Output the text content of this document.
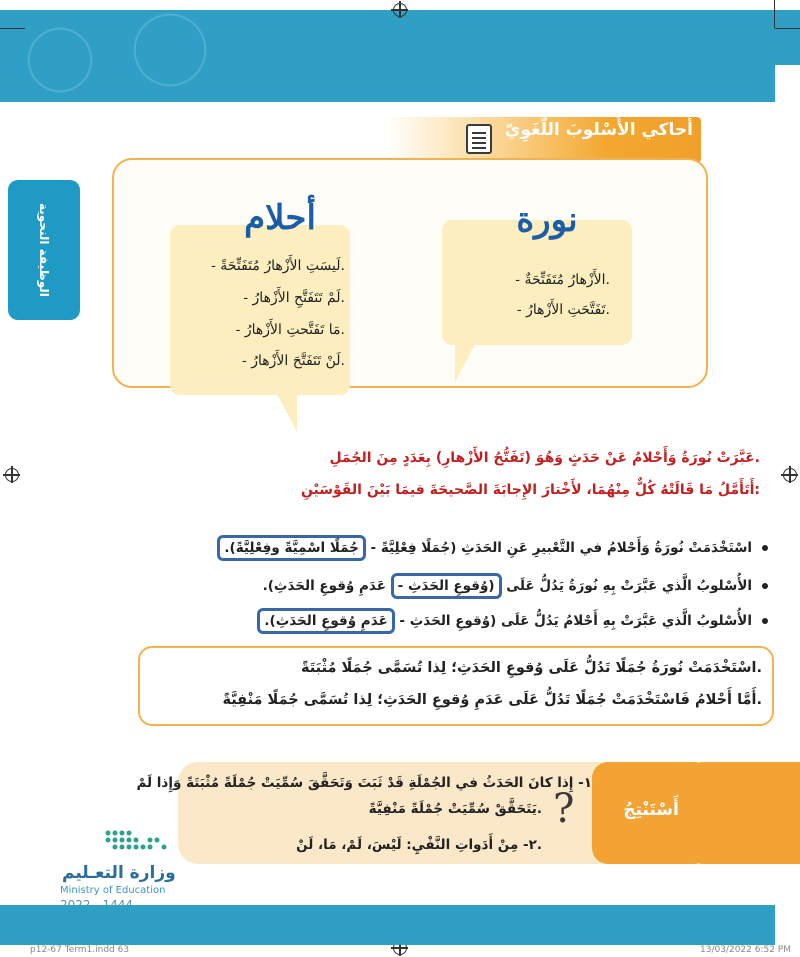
أُحاكي الأُسْلوبَ اللُّغَوِيّ
الوظيفة النحوية	أحلام
- لَيسَتِ الأَزْهارُ مُتَفَتِّحَةً.
- لَمْ تَتَفَتَّحِ الأَزْهارُ.
- مَا تَفَتَّحتِ الأَزْهارُ.
- لَنْ تَتَفَتَّحَ الأَزْهارُ.
نورة
- الأَزْهارُ مُتَفَتِّحَةٌ.
- تَفَتَّحَتِ الأَزْهارُ.
عَبَّرَتْ نُورَةُ وَأَحْلامُ عَنْ حَدَثٍ وَهُوَ (تَفَتُّحُ الأَزْهارِ) بِعَدَدٍ مِنَ الجُمَلِ.
أَتَأَمَّلُ مَا قَالَتْهُ كُلٌّ مِنْهُمَا، لأَخْتارَ الإِجابَةَ الصَّحيحَةَ فيمَا بَيْنَ القَوْسَيْنِ:
اسْتَخْدَمَتْ نُورَةُ وَأَحْلامُ في التَّعْبيرِ عَنِ الحَدَثِ (جُمَلًا فِعْلِيَّةً - جُمَلًا اسْمِيَّةً وفِعْلِيَّةً).
الأُسْلوبُ الَّذي عَبَّرَتْ بِهِ نُورَةُ يَدُلُّ عَلَى (وُقوعِ الحَدَثِ - عَدَمِ وُقوعِ الحَدَثِ).
الأُسْلوبُ الَّذي عَبَّرَتْ بِهِ أَحْلامُ يَدُلُّ عَلَى (وُقوعِ الحَدَثِ - عَدَمِ وُقوعِ الحَدَثِ).
اسْتَخْدَمَتْ نُورَةُ جُمَلًا تَدُلُّ عَلَى وُقوعِ الحَدَثِ؛ لِذا تُسَمَّى جُمَلًا مُثْبَتَةً.
أَمَّا أَحْلامُ فَاسْتَخْدَمَتْ جُمَلًا تَدُلُّ عَلَى عَدَمِ وُقوعِ الحَدَثِ؛ لِذا تُسَمَّى جُمَلًا مَنْفِيَّةً.
أَسْتَنْتِجُ
?
١- إِذا كانَ الحَدَثُ في الجُمْلَةِ قَدْ ثَبَتَ وَتَحَقَّقَ سُمِّيَتْ جُمْلَةً مُثْبَتَةً وَإِذا لَمْ
يَتَحَقَّقْ سُمِّيَتْ جُمْلَةً مَنْفِيَّةً.
٢- مِنْ أَدَواتِ النَّفْيِ: لَيْسَ، لَمْ، مَا، لَنْ.
وزارة التعـليم
Ministry of Education
p12-67 Term1.indd 63	13/03/2022 6:52 PM
